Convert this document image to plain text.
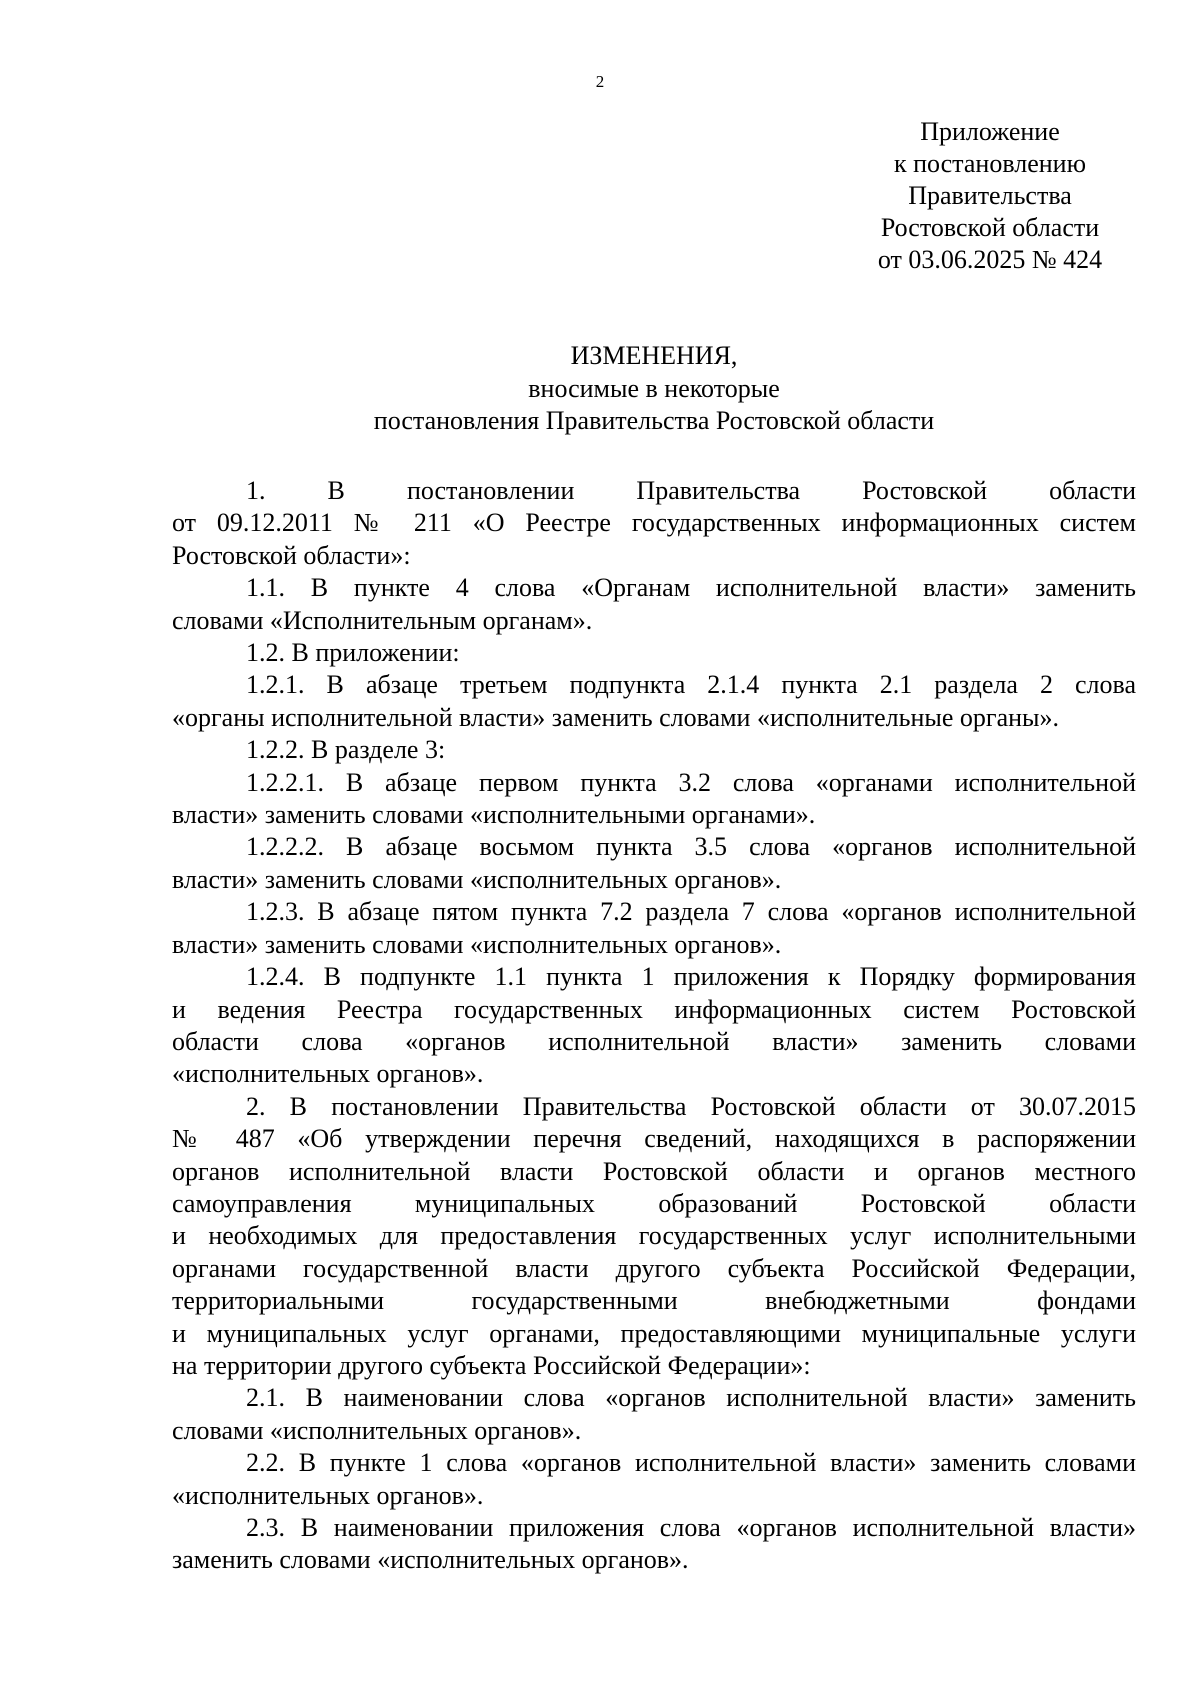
2
Приложение
к постановлению
Правительства
Ростовской области
от 03.06.2025 № 424
ИЗМЕНЕНИЯ,
вносимые в некоторые
постановления Правительства Ростовской области
1. В постановлении Правительства Ростовской области
от 09.12.2011 № 211 «О Реестре государственных информационных систем
Ростовской области»:
1.1. В пункте 4 слова «Органам исполнительной власти» заменить
словами «Исполнительным органам».
1.2. В приложении:
1.2.1. В абзаце третьем подпункта 2.1.4 пункта 2.1 раздела 2 слова
«органы исполнительной власти» заменить словами «исполнительные органы».
1.2.2. В разделе 3:
1.2.2.1. В абзаце первом пункта 3.2 слова «органами исполнительной
власти» заменить словами «исполнительными органами».
1.2.2.2. В абзаце восьмом пункта 3.5 слова «органов исполнительной
власти» заменить словами «исполнительных органов».
1.2.3. В абзаце пятом пункта 7.2 раздела 7 слова «органов исполнительной
власти» заменить словами «исполнительных органов».
1.2.4. В подпункте 1.1 пункта 1 приложения к Порядку формирования
и ведения Реестра государственных информационных систем Ростовской
области слова «органов исполнительной власти» заменить словами
«исполнительных органов».
2. В постановлении Правительства Ростовской области от 30.07.2015
№ 487 «Об утверждении перечня сведений, находящихся в распоряжении
органов исполнительной власти Ростовской области и органов местного
самоуправления муниципальных образований Ростовской области
и необходимых для предоставления государственных услуг исполнительными
органами государственной власти другого субъекта Российской Федерации,
территориальными государственными внебюджетными фондами
и муниципальных услуг органами, предоставляющими муниципальные услуги
на территории другого субъекта Российской Федерации»:
2.1. В наименовании слова «органов исполнительной власти» заменить
словами «исполнительных органов».
2.2. В пункте 1 слова «органов исполнительной власти» заменить словами
«исполнительных органов».
2.3. В наименовании приложения слова «органов исполнительной власти»
заменить словами «исполнительных органов».
